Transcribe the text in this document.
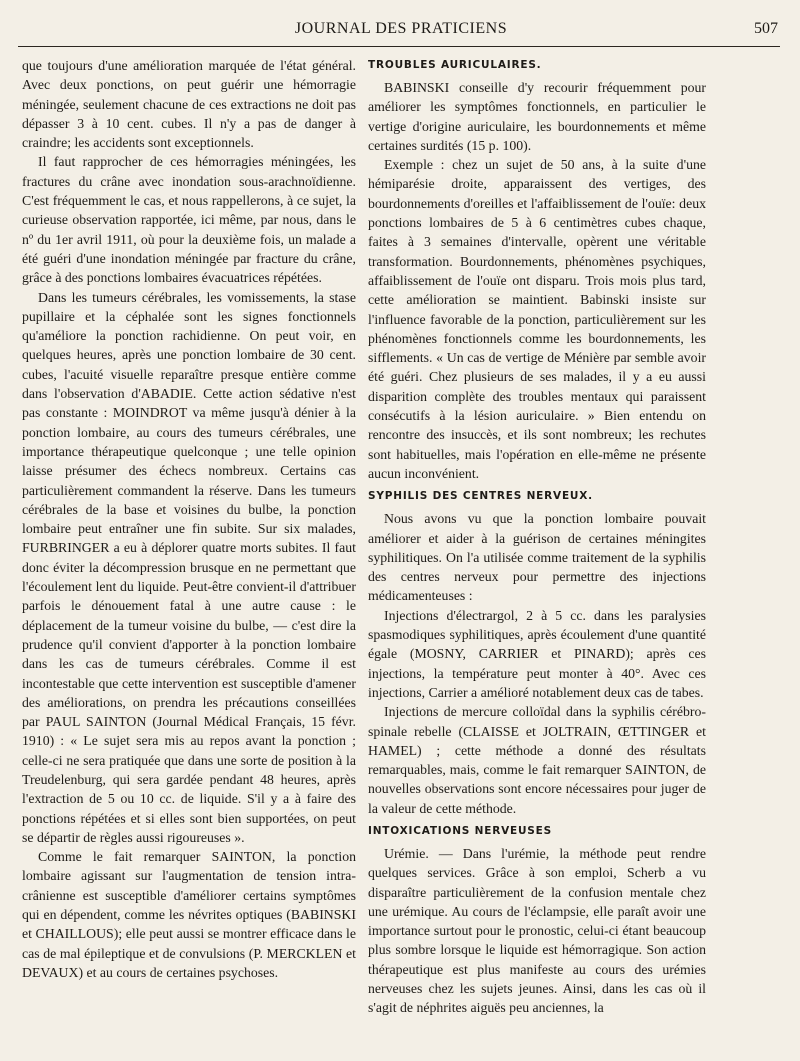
JOURNAL DES PRATICIENS	507

que toujours d'une amélioration marquée de l'état général. Avec deux ponctions, on peut guérir une hémorragie méningée, seulement chacune de ces extractions ne doit pas dépasser 3 à 10 cent. cubes. Il n'y a pas de danger à craindre; les accidents sont exceptionnels.

Il faut rapprocher de ces hémorragies méningées, les fractures du crâne avec inondation sous-arachnoïdienne. C'est fréquemment le cas, et nous rappellerons, à ce sujet, la curieuse observation rapportée, ici même, par nous, dans le nº du 1er avril 1911, où pour la deuxième fois, un malade a été guéri d'une inondation méningée par fracture du crâne, grâce à des ponctions lombaires évacuatrices répétées.

Dans les tumeurs cérébrales, les vomissements, la stase pupillaire et la céphalée sont les signes fonctionnels qu'améliore la ponction rachidienne. On peut voir, en quelques heures, après une ponction lombaire de 30 cent. cubes, l'acuité visuelle reparaître presque entière comme dans l'observation d'ABADIE. Cette action sédative n'est pas constante : MOINDROT va même jusqu'à dénier à la ponction lombaire, au cours des tumeurs cérébrales, une importance thérapeutique quelconque ; une telle opinion laisse présumer des échecs nombreux. Certains cas particulièrement commandent la réserve. Dans les tumeurs cérébrales de la base et voisines du bulbe, la ponction lombaire peut entraîner une fin subite. Sur six malades, FURBRINGER a eu à déplorer quatre morts subites. Il faut donc éviter la décompression brusque en ne permettant que l'écoulement lent du liquide. Peut-être convient-il d'attribuer parfois le dénouement fatal à une autre cause : le déplacement de la tumeur voisine du bulbe, — c'est dire la prudence qu'il convient d'apporter à la ponction lombaire dans les cas de tumeurs cérébrales. Comme il est incontestable que cette intervention est susceptible d'amener des améliorations, on prendra les précautions conseillées par PAUL SAINTON (Journal Médical Français, 15 févr. 1910) : « Le sujet sera mis au repos avant la ponction ; celle-ci ne sera pratiquée que dans une sorte de position à la Treudelenburg, qui sera gardée pendant 48 heures, après l'extraction de 5 ou 10 cc. de liquide. S'il y a à faire des ponctions répétées et si elles sont bien supportées, on peut se départir de règles aussi rigoureuses ».

Comme le fait remarquer SAINTON, la ponction lombaire agissant sur l'augmentation de tension intra-crânienne est susceptible d'améliorer certains symptômes qui en dépendent, comme les névrites optiques (BABINSKI et CHAILLOUS); elle peut aussi se montrer efficace dans le cas de mal épileptique et de convulsions (P. MERCKLEN et DEVAUX) et au cours de certaines psychoses.

TROUBLES AURICULAIRES.

BABINSKI conseille d'y recourir fréquemment pour améliorer les symptômes fonctionnels, en particulier le vertige d'origine auriculaire, les bourdonnements et même certaines surdités (15 p. 100).

Exemple : chez un sujet de 50 ans, à la suite d'une hémiparésie droite, apparaissent des vertiges, des bourdonnements d'oreilles et l'affaiblissement de l'ouïe: deux ponctions lombaires de 5 à 6 centimètres cubes chaque, faites à 3 semaines d'intervalle, opèrent une véritable transformation. Bourdonnements, phénomènes psychiques, affaiblissement de l'ouïe ont disparu. Trois mois plus tard, cette amélioration se maintient. Babinski insiste sur l'influence favorable de la ponction, particulièrement sur les phénomènes fonctionnels comme les bourdonnements, les sifflements. « Un cas de vertige de Ménière par semble avoir été guéri. Chez plusieurs de ses malades, il y a eu aussi disparition complète des troubles mentaux qui paraissent consécutifs à la lésion auriculaire. » Bien entendu on rencontre des insuccès, et ils sont nombreux; les rechutes sont habituelles, mais l'opération en elle-même ne présente aucun inconvénient.

SYPHILIS DES CENTRES NERVEUX.

Nous avons vu que la ponction lombaire pouvait améliorer et aider à la guérison de certaines méningites syphilitiques. On l'a utilisée comme traitement de la syphilis des centres nerveux pour permettre des injections médicamenteuses :

Injections d'électrargol, 2 à 5 cc. dans les paralysies spasmodiques syphilitiques, après écoulement d'une quantité égale (MOSNY, CARRIER et PINARD); après ces injections, la température peut monter à 40°. Avec ces injections, Carrier a amélioré notablement deux cas de tabes.

Injections de mercure colloïdal dans la syphilis cérébro-spinale rebelle (CLAISSE et JOLTRAIN, ŒTTINGER et HAMEL) ; cette méthode a donné des résultats remarquables, mais, comme le fait remarquer SAINTON, de nouvelles observations sont encore nécessaires pour juger de la valeur de cette méthode.

INTOXICATIONS NERVEUSES

Urémie. — Dans l'urémie, la méthode peut rendre quelques services. Grâce à son emploi, Scherb a vu disparaître particulièrement de la confusion mentale chez une urémique. Au cours de l'éclampsie, elle paraît avoir une importance surtout pour le pronostic, celui-ci étant beaucoup plus sombre lorsque le liquide est hémorragique. Son action thérapeutique est plus manifeste au cours des urémies nerveuses chez les sujets jeunes. Ainsi, dans les cas où il s'agit de néphrites aiguës peu anciennes, la
